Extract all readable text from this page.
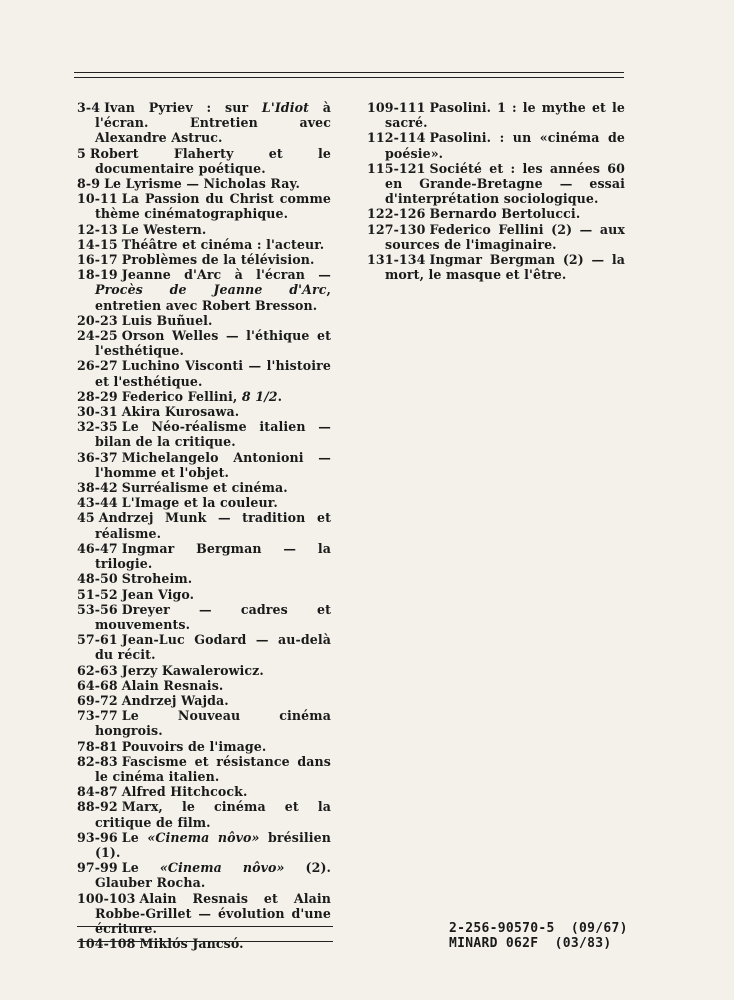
3-4 Ivan Pyriev : sur L'Idiot à l'écran. Entretien avec Alexandre Astruc.

5 Robert Flaherty et le documentaire poétique.

8-9 Le Lyrisme — Nicholas Ray.

10-11 La Passion du Christ comme thème cinématographique.

12-13 Le Western.

14-15 Théâtre et cinéma : l'acteur.

16-17 Problèmes de la télévision.

18-19 Jeanne d'Arc à l'écran — Procès de Jeanne d'Arc, entretien avec Robert Bresson.

20-23 Luis Buñuel.

24-25 Orson Welles — l'éthique et l'esthétique.

26-27 Luchino Visconti — l'histoire et l'esthétique.

28-29 Federico Fellini, 8 1/2.

30-31 Akira Kurosawa.

32-35 Le Néo-réalisme italien — bilan de la critique.

36-37 Michelangelo Antonioni — l'homme et l'objet.

38-42 Surréalisme et cinéma.

43-44 L'Image et la couleur.

45 Andrzej Munk — tradition et réalisme.

46-47 Ingmar Bergman — la trilogie.

48-50 Stroheim.

51-52 Jean Vigo.

53-56 Dreyer — cadres et mouvements.

57-61 Jean-Luc Godard — au-delà du récit.

62-63 Jerzy Kawalerowicz.

64-68 Alain Resnais.

69-72 Andrzej Wajda.

73-77 Le Nouveau cinéma hongrois.

78-81 Pouvoirs de l'image.

82-83 Fascisme et résistance dans le cinéma italien.

84-87 Alfred Hitchcock.

88-92 Marx, le cinéma et la critique de film.

93-96 Le «Cinema nôvo» brésilien (1).

97-99 Le «Cinema nôvo» (2). Glauber Rocha.

100-103 Alain Resnais et Alain Robbe-Grillet — évolution d'une écriture.

104-108 Miklós Jancsó.

109-111 Pasolini. 1 : le mythe et le sacré.

112-114 Pasolini. : un «cinéma de poésie».

115-121 Société et : les années 60 en Grande-Bretagne — essai d'interprétation sociologique.

122-126 Bernardo Bertolucci.

127-130 Federico Fellini (2) — aux sources de l'imaginaire.

131-134 Ingmar Bergman (2) — la mort, le masque et l'être.

2-256-90570-5  (09/67)
MINARD 062F  (03/83)
